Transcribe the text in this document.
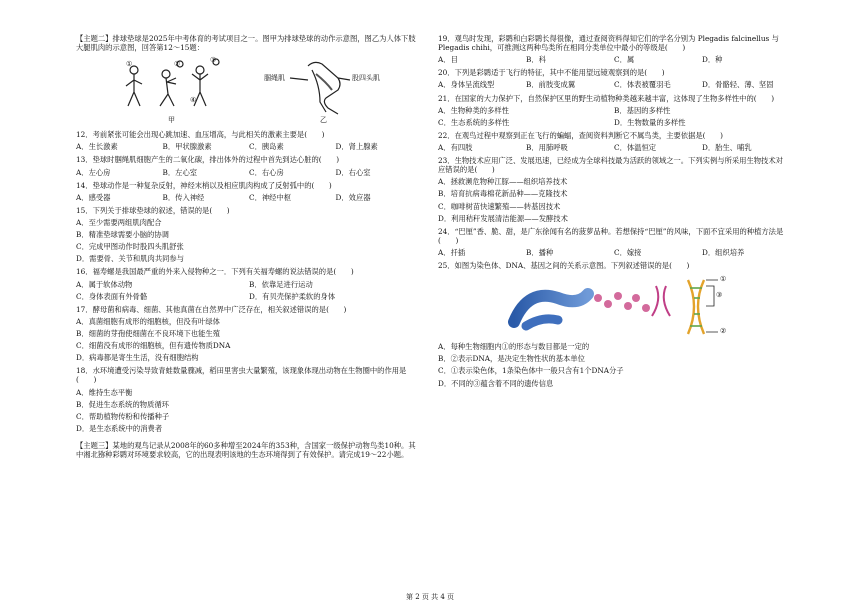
【主题二】排球垫球是2025年中考体育的考试项目之一。图甲为排球垫球的动作示意图，图乙为人体下肢大腿肌肉的示意图，回答第12～15题：

①	②	③
④
腘绳肌	股四头肌
甲	乙

12．考前紧张可能会出现心跳加速、血压增高，与此相关的激素主要是(　　)

A．生长激素	B．甲状腺激素	C．胰岛素	D．肾上腺素

13．垫球时腘绳肌细胞产生的二氧化碳，排出体外的过程中首先到达心脏的(　　)

A．左心房	B．左心室	C．右心房	D．右心室

14．垫球动作是一种复杂反射，神经末梢以及相应肌肉构成了反射弧中的(　　)

A．感受器	B．传入神经	C．神经中枢	D．效应器

15．下列关于排球垫球的叙述，错误的是(　　)

A．至少需要两组肌肉配合

B．精准垫球需要小脑的协调

C．完成甲图动作时股四头肌舒张

D．需要骨、关节和肌肉共同参与

16．福寿螺是我国最严重的外来入侵物种之一．下列有关福寿螺的说法错误的是(　　)

A．属于软体动物	B．依靠足进行运动
C．身体表面有外骨骼	D．有贝壳保护柔软的身体

17．酵母菌和病毒、细菌、其他真菌在自然界中广泛存在，相关叙述错误的是(　　)

A．真菌细胞有成形的细胞核，但没有叶绿体

B．细菌的芽孢使细菌在不良环境下也能生殖

C．细菌没有成形的细胞核，但有遗传物质DNA

D．病毒都是寄生生活，没有细胞结构

18．水环境遭受污染导致青蛙数量骤减，稻田里害虫大量繁殖，该现象体现出动物在生物圈中的作用是(　　)

A．维持生态平衡

B．促进生态系统的物质循环

C．帮助植物传粉和传播种子

D．是生态系统中的消费者

【主题三】某地的观鸟记录从2008年的60多种增至2024年的353种，含国家一级保护动物鸟类10种。其中湘北猕种彩鹮对环境要求较高，它的出现表明该地的生态环境得到了有效保护。请完成19～22小题。

19．观鸟时发现，彩鹮和白彩鹮长得很像，通过查阅资料得知它们的学名分别为 Plegadis falcinellus 与 Plegadis chihi，可推测这两种鸟类所在相同分类单位中最小的等级是(　　)

A．目	B．科	C．属	D．种

20．下列是彩鹮适于飞行的特征，其中不能用望远镜观察到的是(　　)

A．身体呈流线型	B．前肢变成翼	C．体表被覆羽毛	D．骨骼轻、薄、坚固

21．在国家的大力保护下，自然保护区里的野生动植物种类越来越丰富，这体现了生物多样性中的(　　)

A．生物种类的多样性	B．基因的多样性
C．生态系统的多样性	D．生物数量的多样性

22．在观鸟过程中观察到正在飞行的蝙蝠，查阅资料判断它不属鸟类，主要依据是(　　)

A．有四肢	B．用肺呼吸	C．体温恒定	D．胎生、哺乳

23．生物技术应用广泛、发展迅速，已经成为全球科技最为活跃的领域之一。下列实例与所采用生物技术对应错误的是(　　)

A．拯救濒危物种江豚——组织培养技术

B．培育抗病毒棉花新品种——克隆技术

C．咖啡树苗快速繁殖——转基因技术

D．利用秸秆发展清洁能源——发酵技术

24．“巴厘”香、脆、甜，是广东徐闻有名的菠萝品种。若想保持“巴厘”的风味，下面不宜采用的种植方法是(　　)

A．扦插	B．播种	C．嫁接	D．组织培养

25．如图为染色体、DNA、基因之间的关系示意图。下列叙述错误的是(　　)

①
③
②

A．每种生物细胞内①的形态与数目都是一定的

B．②表示DNA，是决定生物性状的基本单位

C．①表示染色体，1条染色体中一般只含有1个DNA分子

D．不同的③蕴含着不同的遗传信息

第 2 页 共 4 页
